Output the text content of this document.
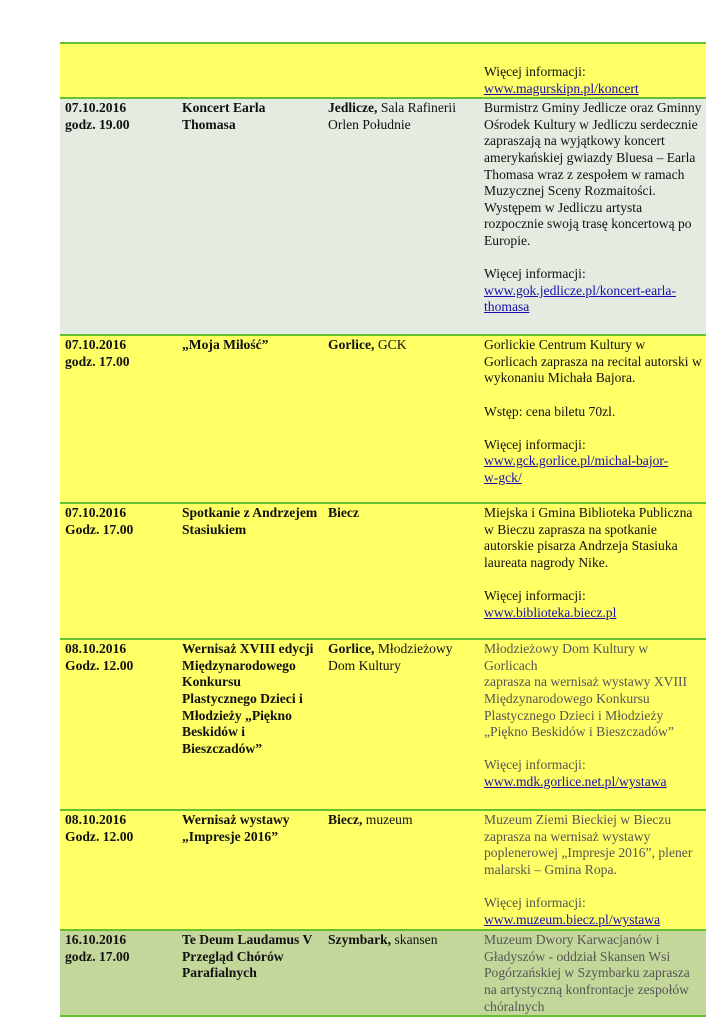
			Więcej informacji:
www.magurskipn.pl/koncert

07.10.2016
godz. 19.00	Koncert Earla Thomasa	Jedlicze, Sala Rafinerii Orlen Południe	Burmistrz Gminy Jedlicze oraz Gminny Ośrodek Kultury w Jedliczu serdecznie zapraszają na wyjątkowy koncert amerykańskiej gwiazdy Bluesa – Earla Thomasa wraz z zespołem w ramach Muzycznej Sceny Rozmaitości. Występem w Jedliczu artysta rozpocznie swoją trasę koncertową po Europie.
Więcej informacji:
www.gok.jedlicze.pl/koncert-earla-
thomasa

07.10.2016
godz. 17.00	„Moja Miłość”	Gorlice, GCK	Gorlickie Centrum Kultury w Gorlicach zaprasza na recital autorski w wykonaniu Michała Bajora.
Wstęp: cena biletu 70zl.
Więcej informacji:
www.gck.gorlice.pl/michal-bajor-
w-gck/

07.10.2016
Godz. 17.00	Spotkanie z Andrzejem Stasiukiem	Biecz	Miejska i Gmina Biblioteka Publiczna w Bieczu zaprasza na spotkanie autorskie pisarza Andrzeja Stasiuka laureata nagrody Nike.
Więcej informacji:
www.biblioteka.biecz.pl

08.10.2016
Godz. 12.00	Wernisaż XVIII edycji Międzynarodowego Konkursu Plastycznego Dzieci i Młodzieży „Piękno Beskidów i Bieszczadów”	Gorlice, Młodzieżowy Dom Kultury	Młodzieżowy Dom Kultury w Gorlicach
zaprasza na wernisaż wystawy XVIII Międzynarodowego Konkursu Plastycznego Dzieci i Młodzieży „Piękno Beskidów i Bieszczadów”
Więcej informacji:
www.mdk.gorlice.net.pl/wystawa

08.10.2016
Godz. 12.00	Wernisaż wystawy „Impresje 2016”	Biecz, muzeum	Muzeum Ziemi Bieckiej w Bieczu zaprasza na wernisaż wystawy poplenerowej „Impresje 2016”, plener malarski – Gmina Ropa.
Więcej informacji:
www.muzeum.biecz.pl/wystawa

16.10.2016
godz. 17.00	Te Deum Laudamus V Przegląd Chórów Parafialnych	Szymbark, skansen	Muzeum Dwory Karwacjanów i Gładyszów - oddział Skansen Wsi Pogórzańskiej w Szymbarku zaprasza na artystyczną konfrontacje zespołów chóralnych
